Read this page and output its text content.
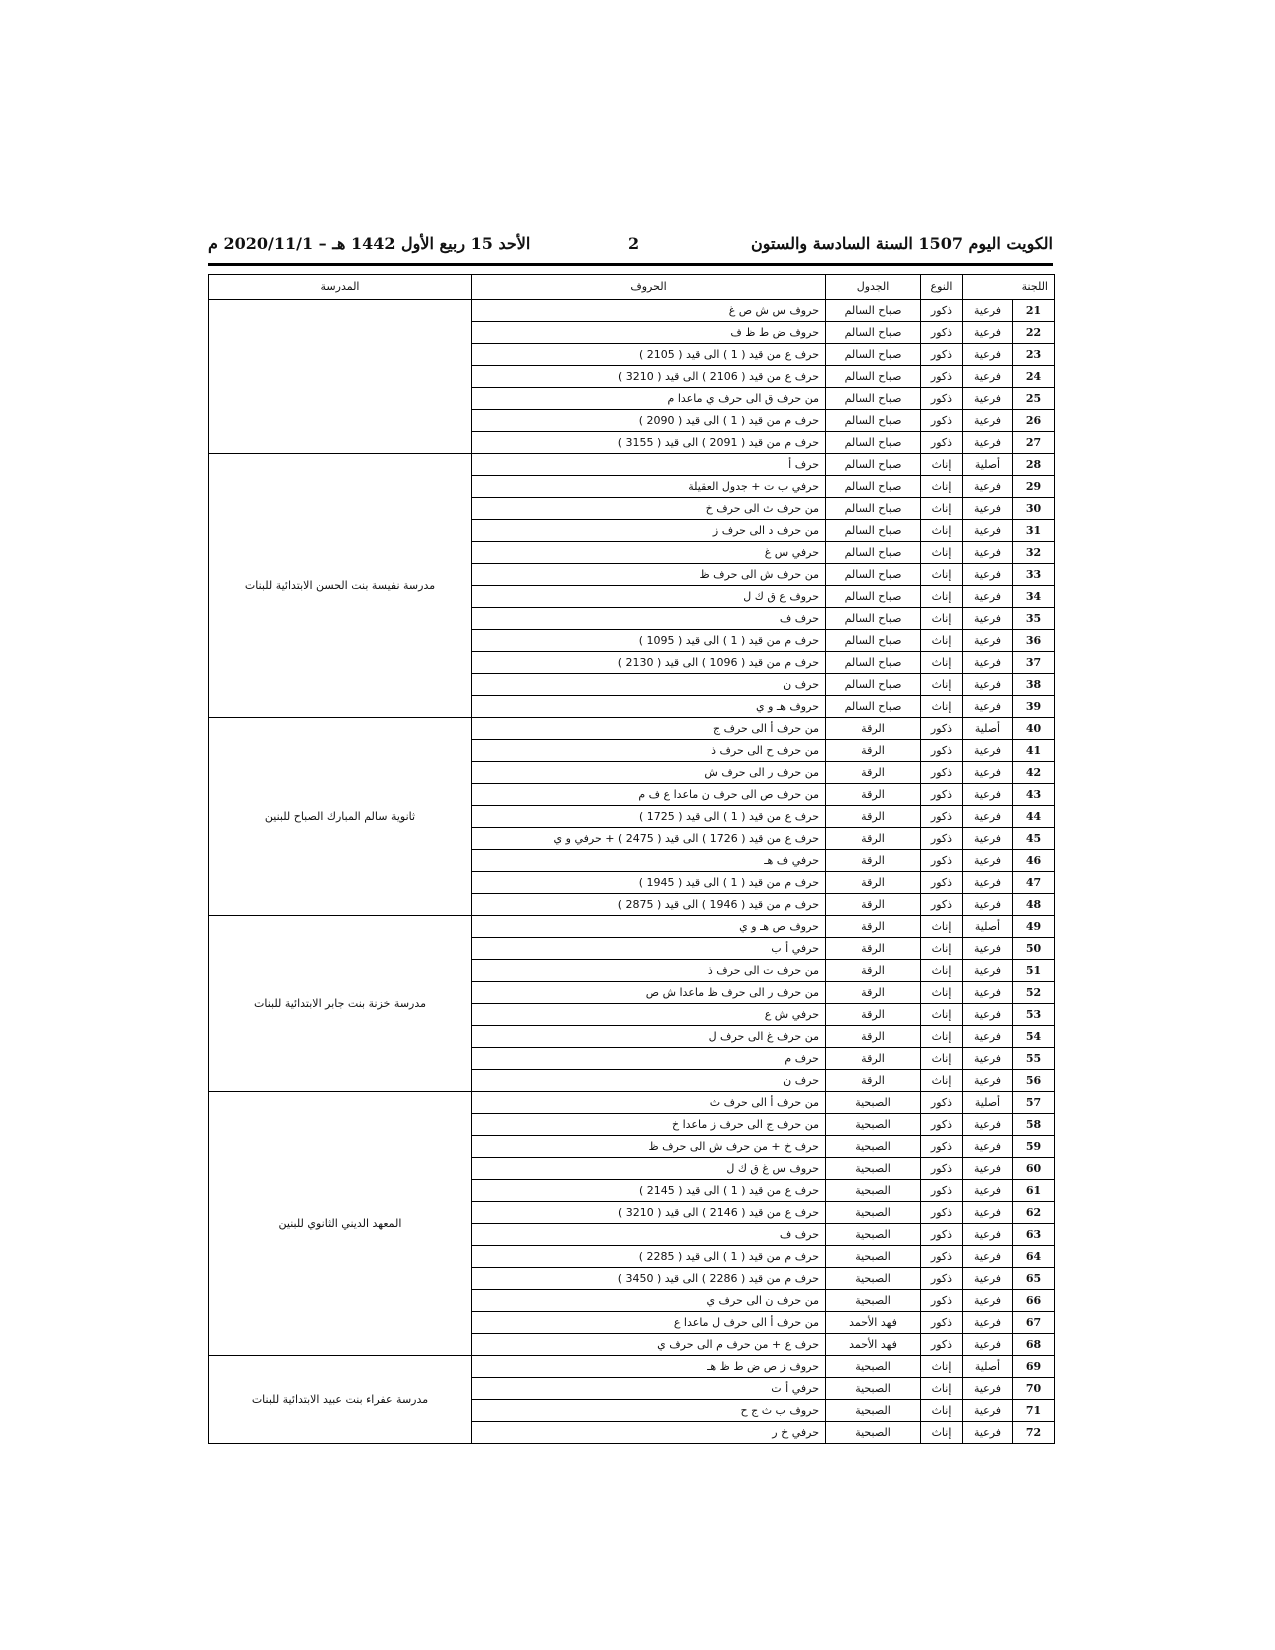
الكويت اليوم 1507 السنة السادسة والستون
2
الأحد 15 ربيع الأول 1442 هـ – 2020/11/1 م
اللجنة		النوع	الجدول	الحروف	المدرسة
21	فرعية	ذكور	صباح السالم	حروف س ش ص غ	
22	فرعية	ذكور	صباح السالم	حروف ض ط ظ ف	
23	فرعية	ذكور	صباح السالم	حرف ع من قيد ( 1 ) الى قيد ( 2105 )	
24	فرعية	ذكور	صباح السالم	حرف ع من قيد ( 2106 ) الى قيد ( 3210 )	
25	فرعية	ذكور	صباح السالم	من حرف ق الى حرف ي ماعدا م	
26	فرعية	ذكور	صباح السالم	حرف م من قيد ( 1 ) الى قيد ( 2090 )	
27	فرعية	ذكور	صباح السالم	حرف م من قيد ( 2091 ) الى قيد ( 3155 )	
28	أصلية	إناث	صباح السالم	حرف أ	مدرسة نفيسة بنت الحسن الابتدائية للبنات
29	فرعية	إناث	صباح السالم	حرفي ب ت + جدول العقيلة	
30	فرعية	إناث	صباح السالم	من حرف ث الى حرف خ	
31	فرعية	إناث	صباح السالم	من حرف د الى حرف ز	
32	فرعية	إناث	صباح السالم	حرفي س غ	
33	فرعية	إناث	صباح السالم	من حرف ش الى حرف ظ	
34	فرعية	إناث	صباح السالم	حروف ع ق ك ل	
35	فرعية	إناث	صباح السالم	حرف ف	
36	فرعية	إناث	صباح السالم	حرف م من قيد ( 1 ) الى قيد ( 1095 )	
37	فرعية	إناث	صباح السالم	حرف م من قيد ( 1096 ) الى قيد ( 2130 )	
38	فرعية	إناث	صباح السالم	حرف ن	
39	فرعية	إناث	صباح السالم	حروف هـ و ي	
40	أصلية	ذكور	الرقة	من حرف أ الى حرف ج	ثانوية سالم المبارك الصباح للبنين
41	فرعية	ذكور	الرقة	من حرف ح الى حرف ذ	
42	فرعية	ذكور	الرقة	من حرف ر الى حرف ش	
43	فرعية	ذكور	الرقة	من حرف ص الى حرف ن ماعدا ع ف م	
44	فرعية	ذكور	الرقة	حرف ع من قيد ( 1 ) الى قيد ( 1725 )	
45	فرعية	ذكور	الرقة	حرف ع من قيد ( 1726 ) الى قيد ( 2475 ) + حرفي و ي	
46	فرعية	ذكور	الرقة	حرفي ف هـ	
47	فرعية	ذكور	الرقة	حرف م من قيد ( 1 ) الى قيد ( 1945 )	
48	فرعية	ذكور	الرقة	حرف م من قيد ( 1946 ) الى قيد ( 2875 )	
49	أصلية	إناث	الرقة	حروف ص هـ و ي	مدرسة خزنة بنت جابر الابتدائية للبنات
50	فرعية	إناث	الرقة	حرفي أ ب	
51	فرعية	إناث	الرقة	من حرف ت الى حرف ذ	
52	فرعية	إناث	الرقة	من حرف ر الى حرف ظ ماعدا ش ص	
53	فرعية	إناث	الرقة	حرفي ش ع	
54	فرعية	إناث	الرقة	من حرف غ الى حرف ل	
55	فرعية	إناث	الرقة	حرف م	
56	فرعية	إناث	الرقة	حرف ن	
57	أصلية	ذكور	الصبحية	من حرف أ الى حرف ث	المعهد الديني الثانوي للبنين
58	فرعية	ذكور	الصبحية	من حرف ج الى حرف ز ماعدا خ	
59	فرعية	ذكور	الصبحية	حرف خ + من حرف ش الى حرف ظ	
60	فرعية	ذكور	الصبحية	حروف س غ ق ك ل	
61	فرعية	ذكور	الصبحية	حرف ع من قيد ( 1 ) الى قيد ( 2145 )	
62	فرعية	ذكور	الصبحية	حرف ع من قيد ( 2146 ) الى قيد ( 3210 )	
63	فرعية	ذكور	الصبحية	حرف ف	
64	فرعية	ذكور	الصبحية	حرف م من قيد ( 1 ) الى قيد ( 2285 )	
65	فرعية	ذكور	الصبحية	حرف م من قيد ( 2286 ) الى قيد ( 3450 )	
66	فرعية	ذكور	الصبحية	من حرف ن الى حرف ي	
67	فرعية	ذكور	فهد الأحمد	من حرف أ الى حرف ل ماعدا ع	
68	فرعية	ذكور	فهد الأحمد	حرف ع + من حرف م الى حرف ي	
69	أصلية	إناث	الصبحية	حروف ز ص ض ط ظ هـ	مدرسة عفراء بنت عبيد الابتدائية للبنات
70	فرعية	إناث	الصبحية	حرفي أ ت	
71	فرعية	إناث	الصبحية	حروف ب ث ج ح	
72	فرعية	إناث	الصبحية	حرفي خ ر	
